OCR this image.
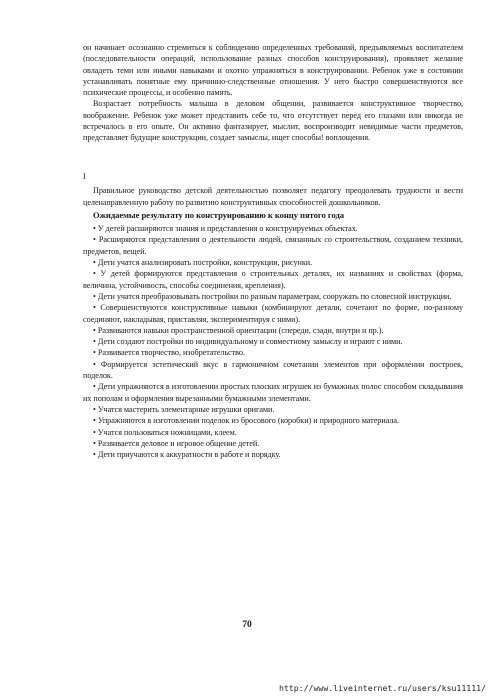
он начинает осознанно стремиться к соблюдению определенных требований, предъявляемых воспитателем (последовательности операций, использование разных способов конструирования), проявляет желание овладеть теми или иными навыками и охотно упражняться в конструировании. Ребенок уже в состоянии устанавливать понятные ему причинно-следственные отношения. У него быстро совершенствуются все психические процессы, и особенно память.

Возрастает потребность малыша в деловом общении, развивается конструктивное творчество, воображение. Ребенок уже может представить себе то, что отсутствует перед его глазами или никогда не встречалось в его опыте. Он активно фантазирует, мыслит, воспроизводит невидимые части предметов, представляет будущие конструкции, создает замыслы, ищет способы! воплощения.

I

Правильное руководство детской деятельностью позволяет педагогу преодолевать трудности и вести целенаправленную работу по развитию конструктивных способностей дошкольников.

Ожидаемые результату по конструированию к концу пятого года

• У детей расширяются знания и представления о конструируемых объектах.

• Расширяются представления о деятельности людей, связанных со строительством, созданием техники, предметов, вещей.

• Дети учатся анализировать постройки, конструкции, рисунки.

• У детей формируются представления о строительных деталях, их названиях и свойствах (форма, величина, устойчивость, способы соединения, крепления).

• Дети учатся преобразовывать постройки по разным параметрам, сооружать по словесной инструкции.

• Совершенствуются конструктивные навыки (комбинируют детали, сочетают по форме, по-разному соединяют, накладывая, приставляя, экспериментируя с ними).

• Развиваются навыки пространственной ориентации (спереди, сзади, внутри и пр.).

• Дети создают постройки по индивидуальному и совместному замыслу и играют с ними.

• Развивается творчество, изобретательство.

• Формируется эстетический вкус в гармоничном сочетании элементов при оформлении построек, поделок.

• Дети упражняются в изготовлении простых плоских игрушек из бумажных полос способом складывания их пополам и оформления вырезанными бумажными элементами.

• Учатся мастерить элементарные игрушки оригами.

• Упражняются в изготовлении поделок из бросового (коробки) и природного материала.

• Учатся пользоваться ножницами, клеем.

• Развивается деловое и игровое общение детей.

• Дети приучаются к аккуратности в работе и порядку.

70
http://www.liveinternet.ru/users/ksu11111/
